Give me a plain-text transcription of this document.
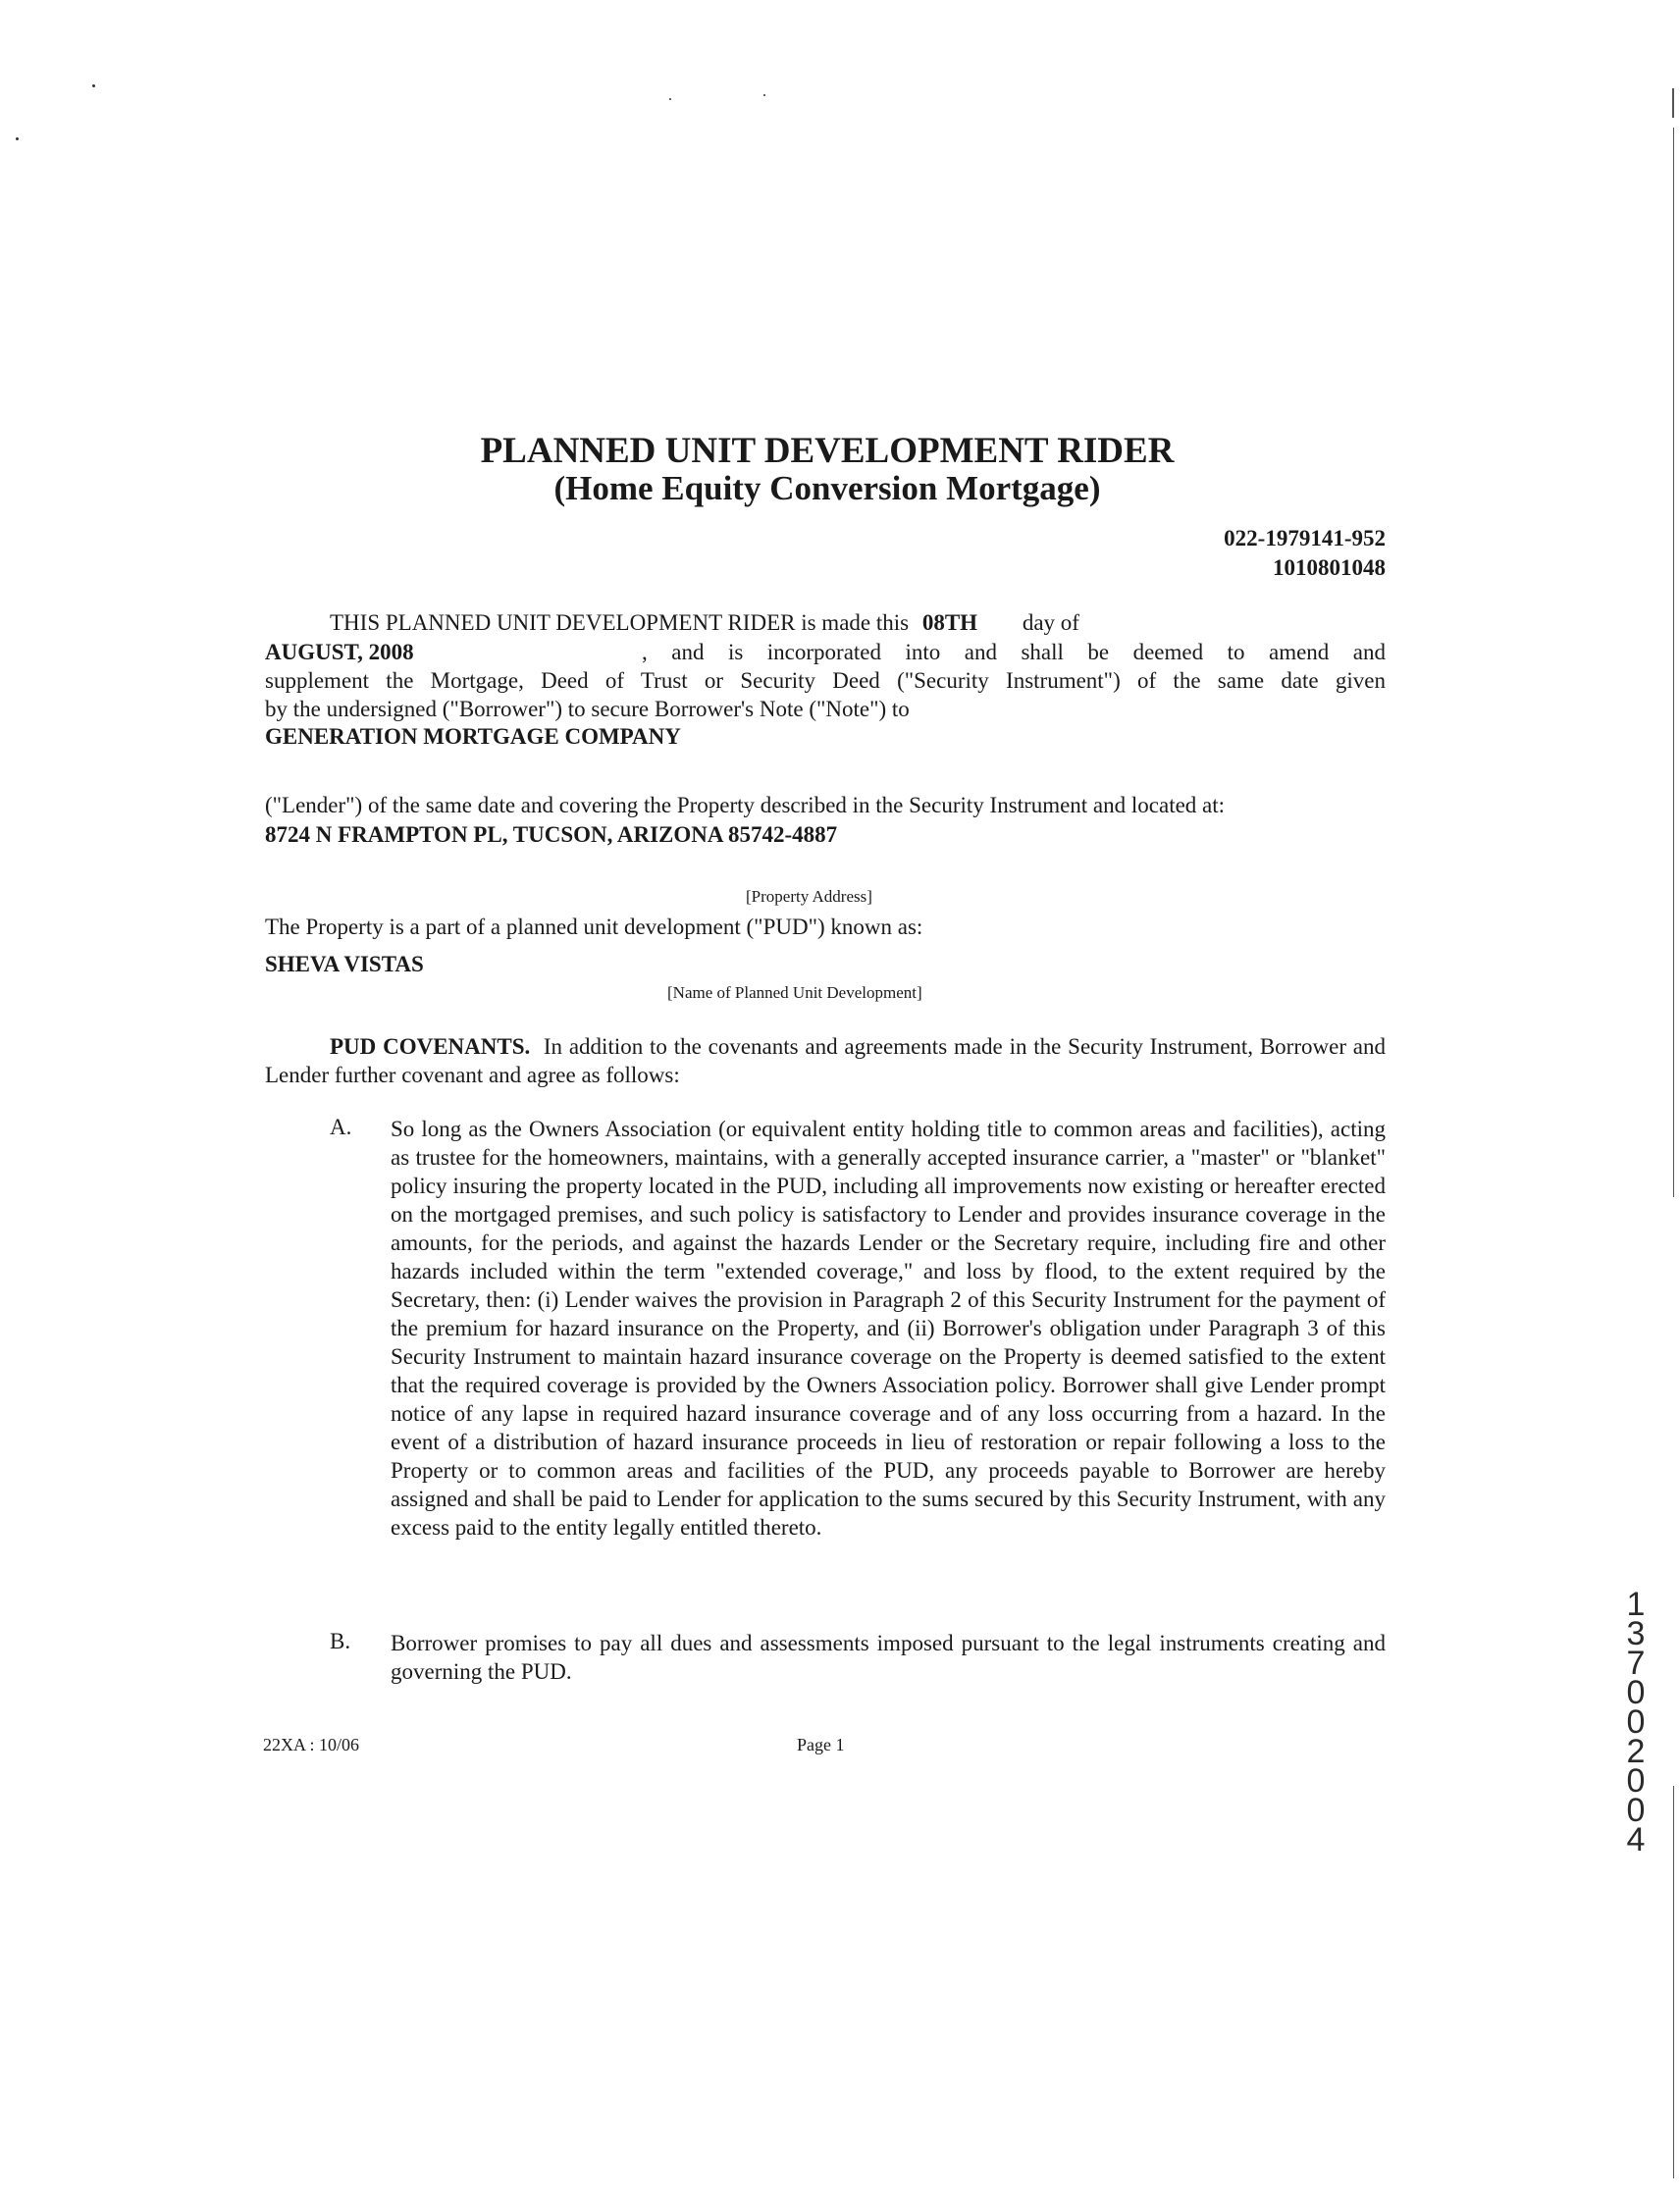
PLANNED UNIT DEVELOPMENT RIDER
(Home Equity Conversion Mortgage)
022-1979141-952
1010801048
THIS PLANNED UNIT DEVELOPMENT RIDER is made this 08TH day of
AUGUST, 2008	, and is incorporated into and shall be deemed to amend and
supplement the Mortgage, Deed of Trust or Security Deed ("Security Instrument") of the same date given
by the undersigned ("Borrower") to secure Borrower's Note ("Note") to
GENERATION MORTGAGE COMPANY
("Lender") of the same date and covering the Property described in the Security Instrument and located at:
8724 N FRAMPTON PL, TUCSON, ARIZONA 85742-4887
[Property Address]
The Property is a part of a planned unit development ("PUD") known as:
SHEVA VISTAS
[Name of Planned Unit Development]
PUD COVENANTS. In addition to the covenants and agreements made in the Security Instrument, Borrower and Lender further covenant and agree as follows:
A. So long as the Owners Association (or equivalent entity holding title to common areas and facilities), acting as trustee for the homeowners, maintains, with a generally accepted insurance carrier, a "master" or "blanket" policy insuring the property located in the PUD, including all improvements now existing or hereafter erected on the mortgaged premises, and such policy is satisfactory to Lender and provides insurance coverage in the amounts, for the periods, and against the hazards Lender or the Secretary require, including fire and other hazards included within the term "extended coverage," and loss by flood, to the extent required by the Secretary, then: (i) Lender waives the provision in Paragraph 2 of this Security Instrument for the payment of the premium for hazard insurance on the Property, and (ii) Borrower's obligation under Paragraph 3 of this Security Instrument to maintain hazard insurance coverage on the Property is deemed satisfied to the extent that the required coverage is provided by the Owners Association policy. Borrower shall give Lender prompt notice of any lapse in required hazard insurance coverage and of any loss occurring from a hazard. In the event of a distribution of hazard insurance proceeds in lieu of restoration or repair following a loss to the Property or to common areas and facilities of the PUD, any proceeds payable to Borrower are hereby assigned and shall be paid to Lender for application to the sums secured by this Security Instrument, with any excess paid to the entity legally entitled thereto.
B. Borrower promises to pay all dues and assessments imposed pursuant to the legal instruments creating and governing the PUD.
22XA : 10/06	Page 1
1370 02004
